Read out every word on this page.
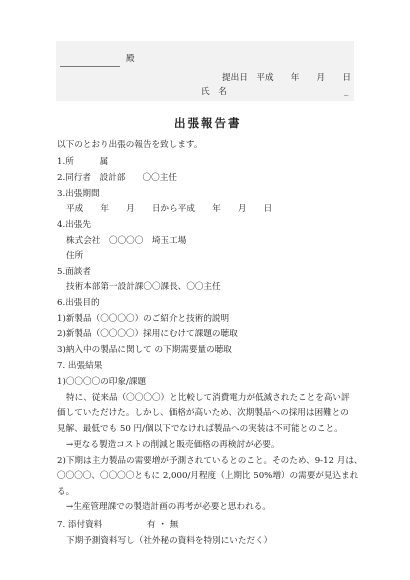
殿
提出日　平成　　年　　月　　日
氏　名	_
出張報告書
以下のとおり出張の報告を致します。
1.所　　　属
2.同行者　設計部　　〇〇主任
3.出張期間
平成　　年　　月　　日から平成　　年　　月　　日
4.出張先
株式会社　〇〇〇〇　埼玉工場
住所
5.面談者
技術本部第一設計課〇〇課長、〇〇主任
6.出張目的
1)新製品（〇〇〇〇）のご紹介と技術的説明
2)新製品（〇〇〇〇）採用にむけて課題の聴取
3)納入中の製品に関して の下期需要量の聴取
7. 出張結果
1)〇〇〇〇の印象/課題
特に、従来品（〇〇〇〇）と比較して消費電力が低減されたことを高い評
価していただけた。しかし、価格が高いため、次期製品への採用は困難との
見解、最低でも 50 円/個以下でなければ製品への実装は不可能とのこと。
→更なる製造コストの削減と販売価格の再検討が必要。
2)下期は主力製品の需要増が予測されているとのこと。そのため、9-12 月は、
〇〇〇〇、〇〇〇〇ともに 2,000/月程度（上期比 50%増）の需要が見込まれ
る。
→生産管理課での製造計画の再考が必要と思われる。
7. 添付資料	有 ・ 無
下期予測資料写し（社外秘の資料を特別にいただく）
